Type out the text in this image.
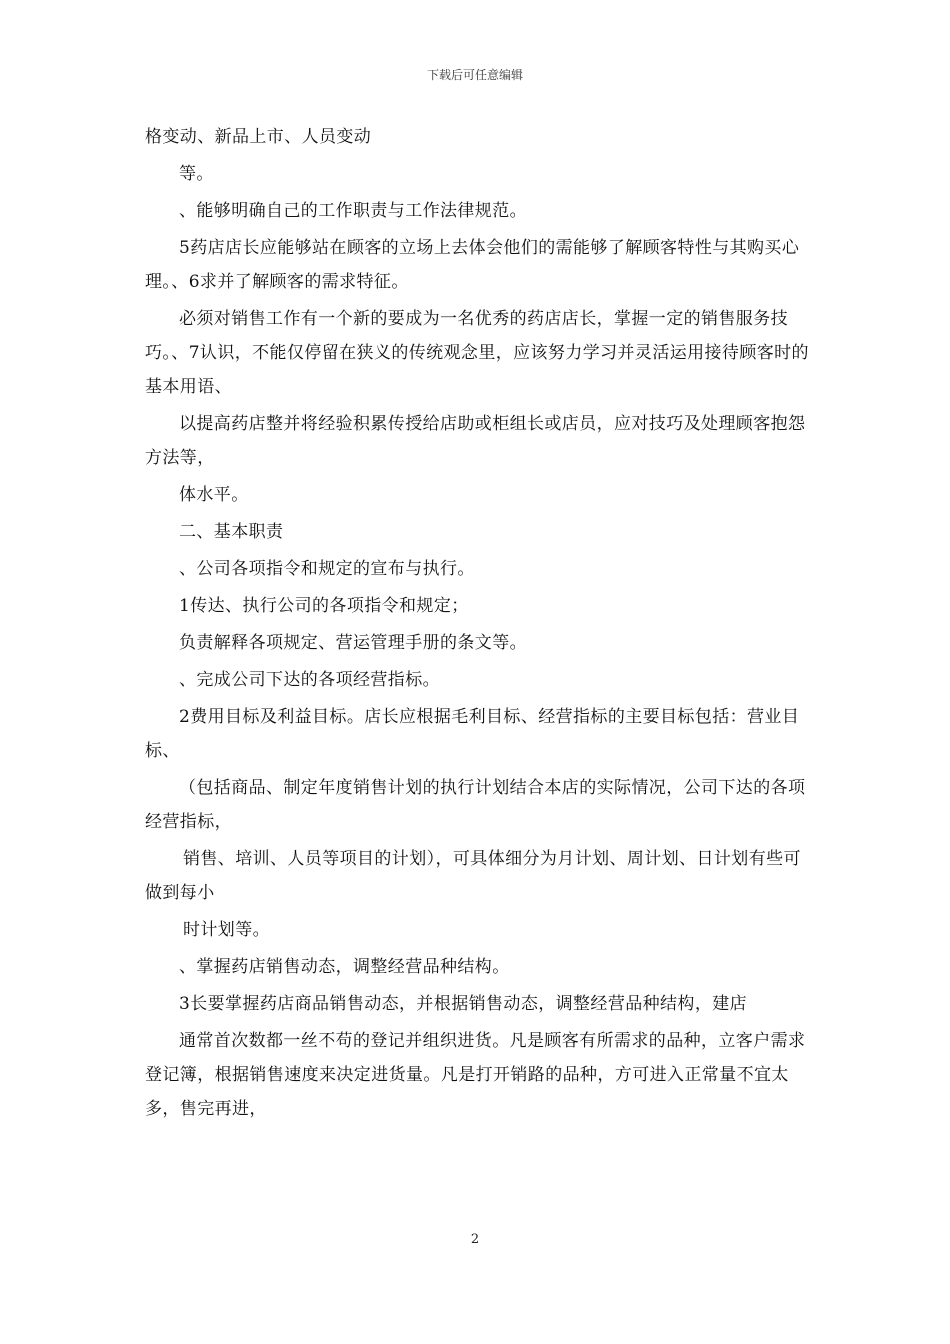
下载后可任意编辑

格变动、新品上市、人员变动

等。

、能够明确自己的工作职责与工作法律规范。

5药店店长应能够站在顾客的立场上去体会他们的需能够了解顾客特性与其购买心理。、6求并了解顾客的需求特征。

必须对销售工作有一个新的要成为一名优秀的药店店长，掌握一定的销售服务技巧。、7认识，不能仅停留在狭义的传统观念里，应该努力学习并灵活运用接待顾客时的基本用语、

以提高药店整并将经验积累传授给店助或柜组长或店员，应对技巧及处理顾客抱怨方法等，

体水平。

二、基本职责

、公司各项指令和规定的宣布与执行。

1传达、执行公司的各项指令和规定；

负责解释各项规定、营运管理手册的条文等。

、完成公司下达的各项经营指标。

2费用目标及利益目标。店长应根据毛利目标、经营指标的主要目标包括：营业目标、

（包括商品、制定年度销售计划的执行计划结合本店的实际情况，公司下达的各项经营指标，

销售、培训、人员等项目的计划），可具体细分为月计划、周计划、日计划有些可做到每小

时计划等。

、掌握药店销售动态，调整经营品种结构。

3长要掌握药店商品销售动态，并根据销售动态，调整经营品种结构，建店

通常首次数都一丝不苟的登记并组织进货。凡是顾客有所需求的品种，立客户需求登记簿，根据销售速度来决定进货量。凡是打开销路的品种，方可进入正常量不宜太多，售完再进，

2
